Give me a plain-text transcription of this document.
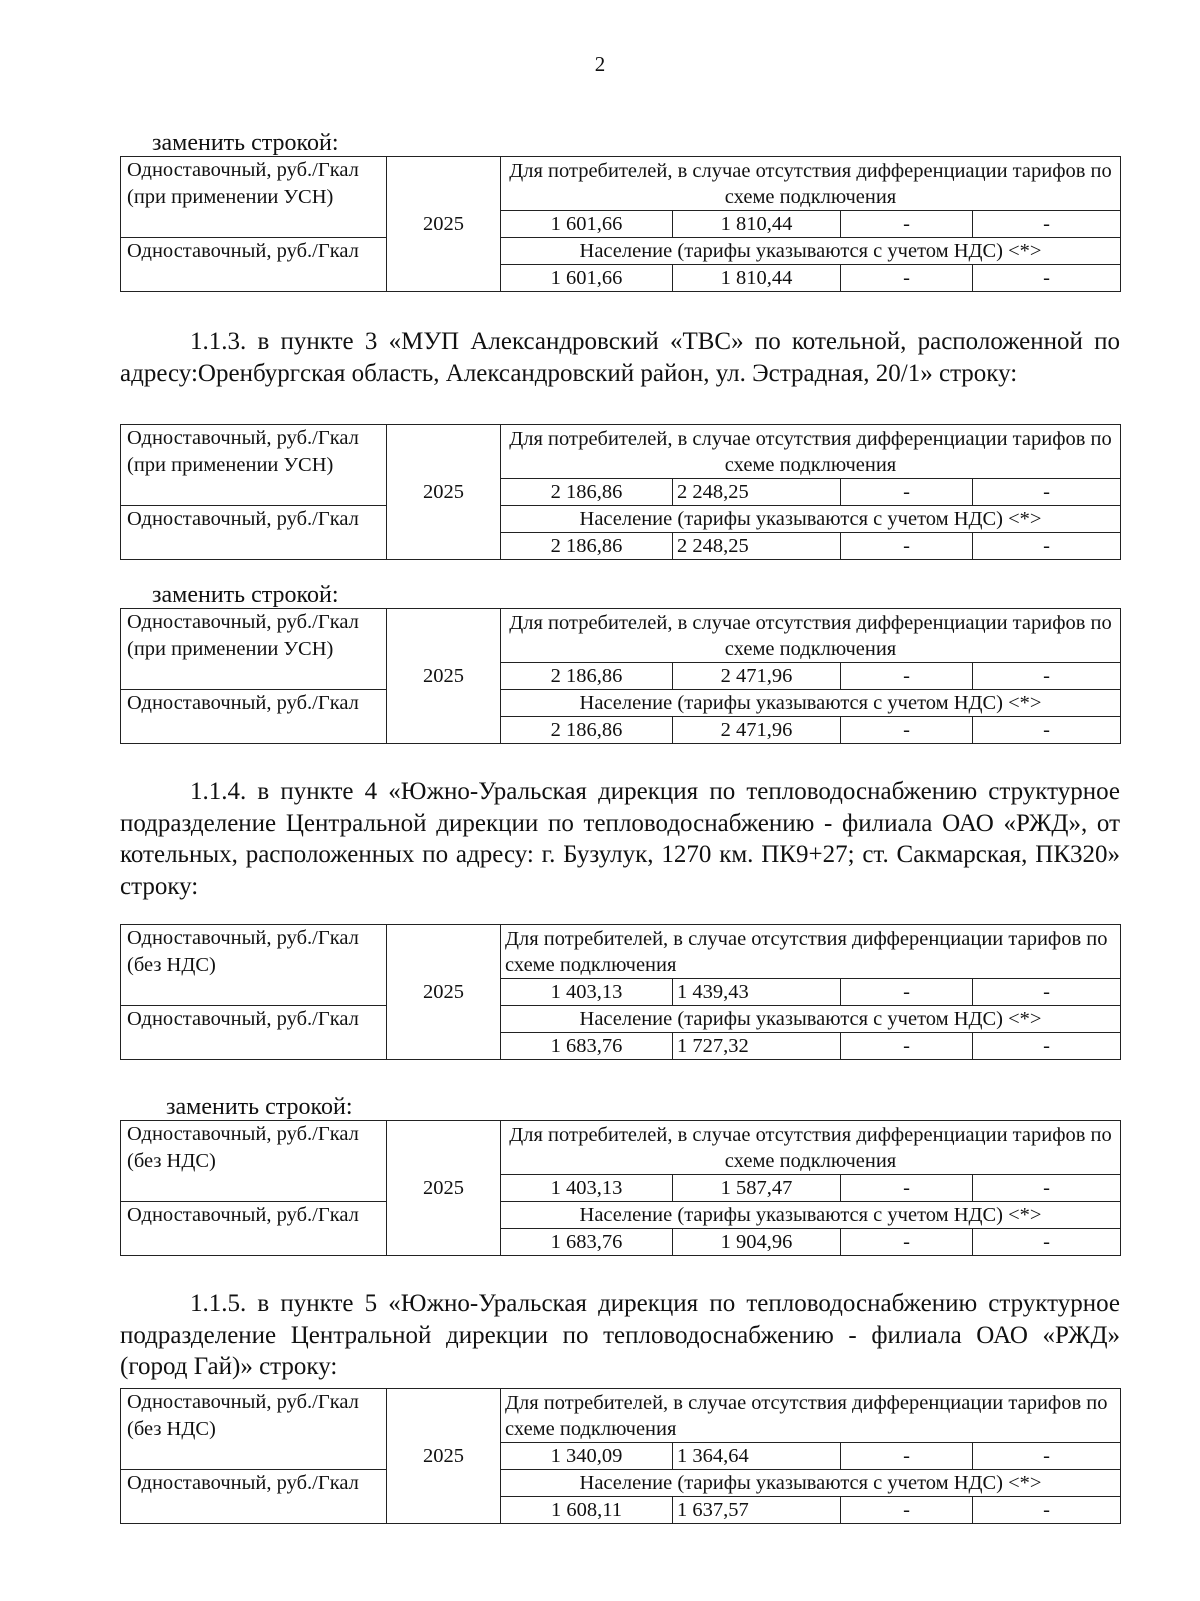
2
заменить строкой:
Одноставочный, руб./Гкал (при применении УСН)	2025	Для потребителей, в случае отсутствия дифференциации тарифов по схеме подключения			
		1 601,66	1 810,44	-	-
Одноставочный, руб./Гкал		Население (тарифы указываются с учетом НДС) <*>			
		1 601,66	1 810,44	-	-

1.1.3. в пункте 3 «МУП Александровский «ТВС» по котельной, расположенной по адресу:Оренбургская область, Александровский район, ул. Эстрадная, 20/1» строку:

Одноставочный, руб./Гкал (при применении УСН)	2025	Для потребителей, в случае отсутствия дифференциации тарифов по схеме подключения			
		2 186,86	2 248,25	-	-
Одноставочный, руб./Гкал		Население (тарифы указываются с учетом НДС) <*>			
		2 186,86	2 248,25	-	-
заменить строкой:
Одноставочный, руб./Гкал (при применении УСН)	2025	Для потребителей, в случае отсутствия дифференциации тарифов по схеме подключения			
		2 186,86	2 471,96	-	-
Одноставочный, руб./Гкал		Население (тарифы указываются с учетом НДС) <*>			
		2 186,86	2 471,96	-	-

1.1.4. в пункте 4 «Южно-Уральская дирекция по тепловодоснабжению структурное подразделение Центральной дирекции по тепловодоснабжению - филиала ОАО «РЖД», от котельных, расположенных по адресу: г. Бузулук, 1270 км. ПК9+27; ст. Сакмарская, ПК320» строку:

Одноставочный, руб./Гкал (без НДС)	2025	Для потребителей, в случае отсутствия дифференциации тарифов по схеме подключения			
		1 403,13	1 439,43	-	-
Одноставочный, руб./Гкал		Население (тарифы указываются с учетом НДС) <*>			
		1 683,76	1 727,32	-	-
заменить строкой:
Одноставочный, руб./Гкал (без НДС)	2025	Для потребителей, в случае отсутствия дифференциации тарифов по схеме подключения			
		1 403,13	1 587,47	-	-
Одноставочный, руб./Гкал		Население (тарифы указываются с учетом НДС) <*>			
		1 683,76	1 904,96	-	-

1.1.5. в пункте 5 «Южно-Уральская дирекция по тепловодоснабжению структурное подразделение Центральной дирекции по тепловодоснабжению - филиала ОАО «РЖД» (город Гай)» строку:

Одноставочный, руб./Гкал (без НДС)	2025	Для потребителей, в случае отсутствия дифференциации тарифов по схеме подключения			
		1 340,09	1 364,64	-	-
Одноставочный, руб./Гкал		Население (тарифы указываются с учетом НДС) <*>			
		1 608,11	1 637,57	-	-
